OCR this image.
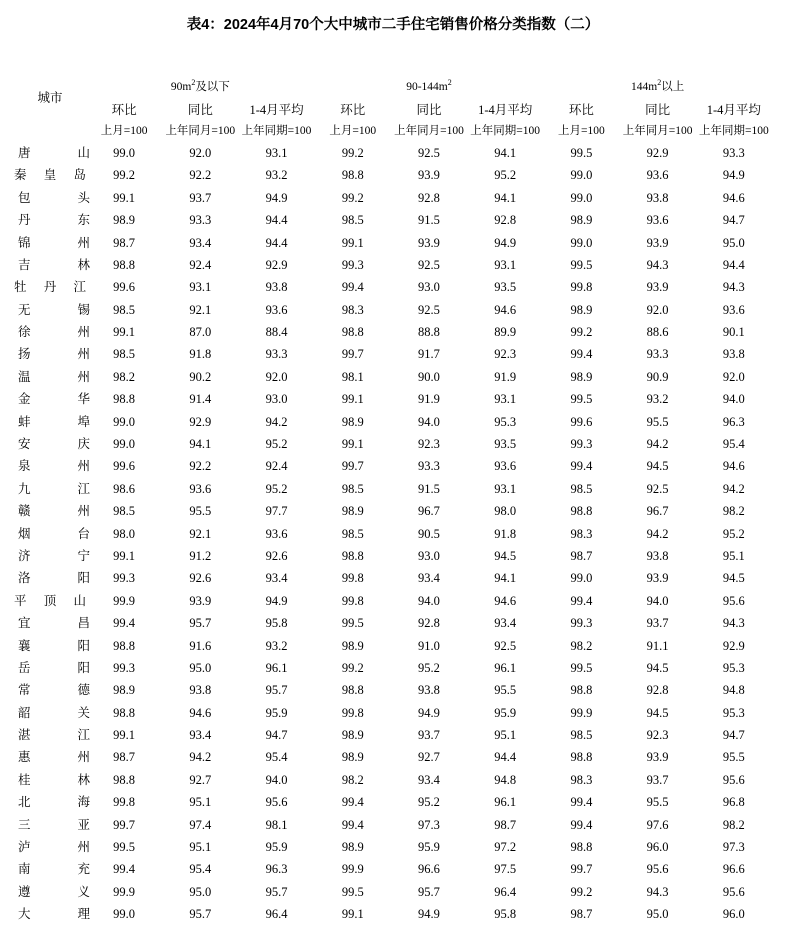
表4：2024年4月70个大中城市二手住宅销售价格分类指数（二）
城市	$90m^2$及以下			$90-144m^2$			$144m^2$以上		
	环比	同比	1-4月平均	环比	同比	1-4月平均	环比	同比	1-4月平均
	上月=100	上年同月=100	上年同期=100	上月=100	上年同月=100	上年同期=100	上月=100	上年同月=100	上年同期=100

唐 山	99.0	92.0	93.1	99.2	92.5	94.1	99.5	92.9	93.3

秦 皇 岛	99.2	92.2	93.2	98.8	93.9	95.2	99.0	93.6	94.9

包 头	99.1	93.7	94.9	99.2	92.8	94.1	99.0	93.8	94.6

丹 东	98.9	93.3	94.4	98.5	91.5	92.8	98.9	93.6	94.7

锦 州	98.7	93.4	94.4	99.1	93.9	94.9	99.0	93.9	95.0

吉 林	98.8	92.4	92.9	99.3	92.5	93.1	99.5	94.3	94.4

牡 丹 江	99.6	93.1	93.8	99.4	93.0	93.5	99.8	93.9	94.3

无 锡	98.5	92.1	93.6	98.3	92.5	94.6	98.9	92.0	93.6

徐 州	99.1	87.0	88.4	98.8	88.8	89.9	99.2	88.6	90.1

扬 州	98.5	91.8	93.3	99.7	91.7	92.3	99.4	93.3	93.8

温 州	98.2	90.2	92.0	98.1	90.0	91.9	98.9	90.9	92.0

金 华	98.8	91.4	93.0	99.1	91.9	93.1	99.5	93.2	94.0

蚌 埠	99.0	92.9	94.2	98.9	94.0	95.3	99.6	95.5	96.3

安 庆	99.0	94.1	95.2	99.1	92.3	93.5	99.3	94.2	95.4

泉 州	99.6	92.2	92.4	99.7	93.3	93.6	99.4	94.5	94.6

九 江	98.6	93.6	95.2	98.5	91.5	93.1	98.5	92.5	94.2

赣 州	98.5	95.5	97.7	98.9	96.7	98.0	98.8	96.7	98.2

烟 台	98.0	92.1	93.6	98.5	90.5	91.8	98.3	94.2	95.2

济 宁	99.1	91.2	92.6	98.8	93.0	94.5	98.7	93.8	95.1

洛 阳	99.3	92.6	93.4	99.8	93.4	94.1	99.0	93.9	94.5

平 顶 山	99.9	93.9	94.9	99.8	94.0	94.6	99.4	94.0	95.6

宜 昌	99.4	95.7	95.8	99.5	92.8	93.4	99.3	93.7	94.3

襄 阳	98.8	91.6	93.2	98.9	91.0	92.5	98.2	91.1	92.9

岳 阳	99.3	95.0	96.1	99.2	95.2	96.1	99.5	94.5	95.3

常 德	98.9	93.8	95.7	98.8	93.8	95.5	98.8	92.8	94.8

韶 关	98.8	94.6	95.9	99.8	94.9	95.9	99.9	94.5	95.3

湛 江	99.1	93.4	94.7	98.9	93.7	95.1	98.5	92.3	94.7

惠 州	98.7	94.2	95.4	98.9	92.7	94.4	98.8	93.9	95.5

桂 林	98.8	92.7	94.0	98.2	93.4	94.8	98.3	93.7	95.6

北 海	99.8	95.1	95.6	99.4	95.2	96.1	99.4	95.5	96.8

三 亚	99.7	97.4	98.1	99.4	97.3	98.7	99.4	97.6	98.2

泸 州	99.5	95.1	95.9	98.9	95.9	97.2	98.8	96.0	97.3

南 充	99.4	95.4	96.3	99.9	96.6	97.5	99.7	95.6	96.6

遵 义	99.9	95.0	95.7	99.5	95.7	96.4	99.2	94.3	95.6

大 理	99.0	95.7	96.4	99.1	94.9	95.8	98.7	95.0	96.0
